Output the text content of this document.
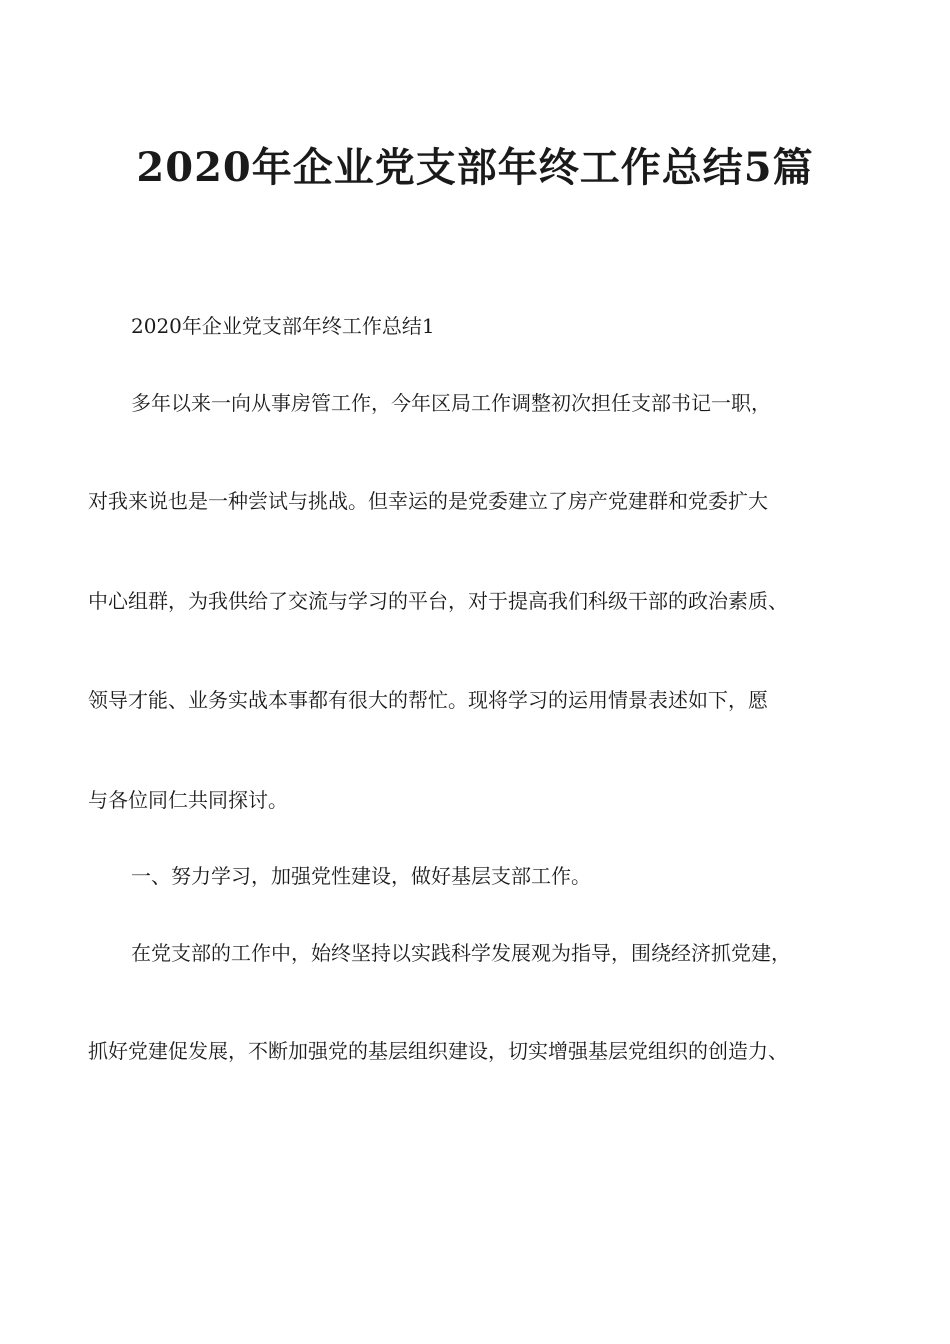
2020年企业党支部年终工作总结5篇

2020年企业党支部年终工作总结1

多年以来一向从事房管工作，今年区局工作调整初次担任支部书记一职，

对我来说也是一种尝试与挑战。但幸运的是党委建立了房产党建群和党委扩大

中心组群，为我供给了交流与学习的平台，对于提高我们科级干部的政治素质、

领导才能、业务实战本事都有很大的帮忙。现将学习的运用情景表述如下，愿

与各位同仁共同探讨。

一、努力学习，加强党性建设，做好基层支部工作。

在党支部的工作中，始终坚持以实践科学发展观为指导，围绕经济抓党建，

抓好党建促发展，不断加强党的基层组织建设，切实增强基层党组织的创造力、
